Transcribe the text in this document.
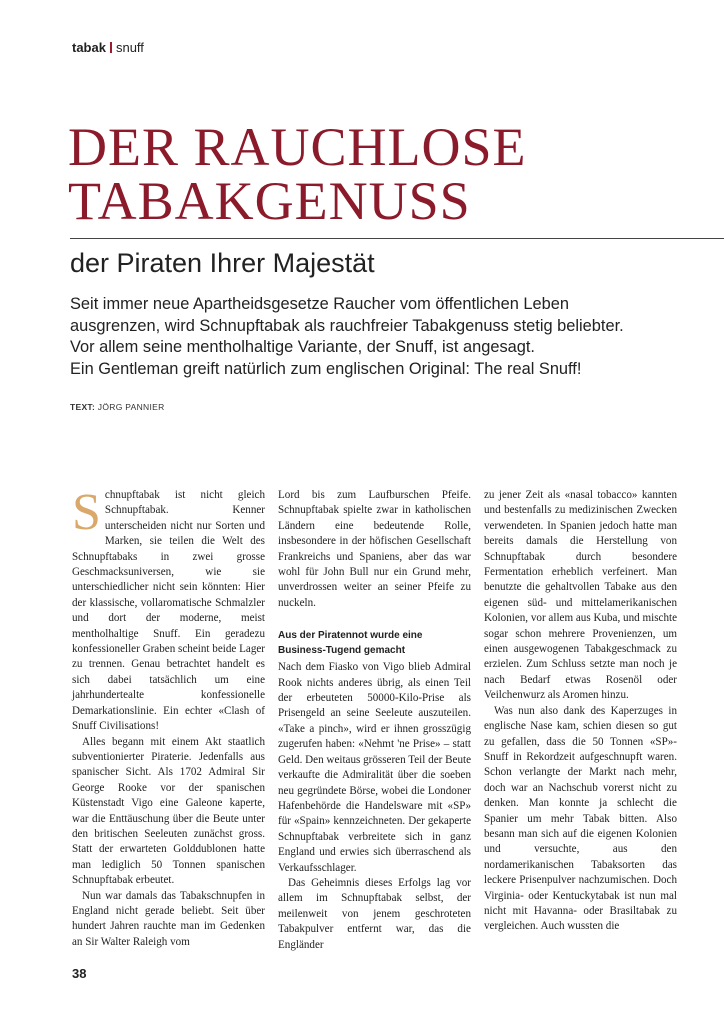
tabak snuff
DER RAUCHLOSE
TABAKGENUSS
der Piraten Ihrer Majestät
Seit immer neue Apartheidsgesetze Raucher vom öffentlichen Leben
ausgrenzen, wird Schnupftabak als rauchfreier Tabakgenuss stetig beliebter.
Vor allem seine mentholhaltige Variante, der Snuff, ist angesagt.
Ein Gentleman greift natürlich zum englischen Original: The real Snuff!
TEXT: JÖRG PANNIER
S chnupftabak ist nicht gleich Schnupftabak. Kenner unterscheiden nicht nur Sorten und Marken, sie teilen die Welt des Schnupftabaks in zwei grosse Geschmacksuniversen, wie sie unterschiedlicher nicht sein könnten: Hier der klassische, vollaromatische Schmalzler und dort der moderne, meist mentholhaltige Snuff. Ein geradezu konfessioneller Graben scheint beide Lager zu trennen. Genau betrachtet handelt es sich dabei tatsächlich um eine jahrhundertealte konfessionelle Demarkationslinie. Ein echter «Clash of Snuff Civilisations!

Alles begann mit einem Akt staatlich subventionierter Piraterie. Jedenfalls aus spanischer Sicht. Als 1702 Admiral Sir George Rooke vor der spanischen Küstenstadt Vigo eine Galeone kaperte, war die Enttäuschung über die Beute unter den britischen Seeleuten zunächst gross. Statt der erwarteten Golddublonen hatte man lediglich 50 Tonnen spanischen Schnupftabak erbeutet.

Nun war damals das Tabakschnupfen in England nicht gerade beliebt. Seit über hundert Jahren rauchte man im Gedenken an Sir Walter Raleigh vom

Lord bis zum Laufburschen Pfeife. Schnupftabak spielte zwar in katholischen Ländern eine bedeutende Rolle, insbesondere in der höfischen Gesellschaft Frankreichs und Spaniens, aber das war wohl für John Bull nur ein Grund mehr, unverdrossen weiter an seiner Pfeife zu nuckeln.

Aus der Piratennot wurde eine Business-Tugend gemacht

Nach dem Fiasko von Vigo blieb Admiral Rook nichts anderes übrig, als einen Teil der erbeuteten 50000-Kilo-Prise als Prisengeld an seine Seeleute auszuteilen. «Take a pinch», wird er ihnen grosszügig zugerufen haben: «Nehmt 'ne Prise» – statt Geld. Den weitaus grösseren Teil der Beute verkaufte die Admiralität über die soeben neu gegründete Börse, wobei die Londoner Hafenbehörde die Handelsware mit «SP» für «Spain» kennzeichneten. Der gekaperte Schnupftabak verbreitete sich in ganz England und erwies sich überraschend als Verkaufsschlager.

Das Geheimnis dieses Erfolgs lag vor allem im Schnupftabak selbst, der meilenweit von jenem geschroteten Tabakpulver entfernt war, das die Engländer

zu jener Zeit als «nasal tobacco» kannten und bestenfalls zu medizinischen Zwecken verwendeten. In Spanien jedoch hatte man bereits damals die Herstellung von Schnupftabak durch besondere Fermentation erheblich verfeinert. Man benutzte die gehaltvollen Tabake aus den eigenen süd- und mittelamerikanischen Kolonien, vor allem aus Kuba, und mischte sogar schon mehrere Provenienzen, um einen ausgewogenen Tabakgeschmack zu erzielen. Zum Schluss setzte man noch je nach Bedarf etwas Rosenöl oder Veilchenwurz als Aromen hinzu.

Was nun also dank des Kaperzuges in englische Nase kam, schien diesen so gut zu gefallen, dass die 50 Tonnen «SP»-Snuff in Rekordzeit aufgeschnupft waren. Schon verlangte der Markt nach mehr, doch war an Nachschub vorerst nicht zu denken. Man konnte ja schlecht die Spanier um mehr Tabak bitten. Also besann man sich auf die eigenen Kolonien und versuchte, aus den nordamerikanischen Tabaksorten das leckere Prisenpulver nachzumischen. Doch Virginia- oder Kentuckytabak ist nun mal nicht mit Havanna- oder Brasiltabak zu vergleichen. Auch wussten die

38
